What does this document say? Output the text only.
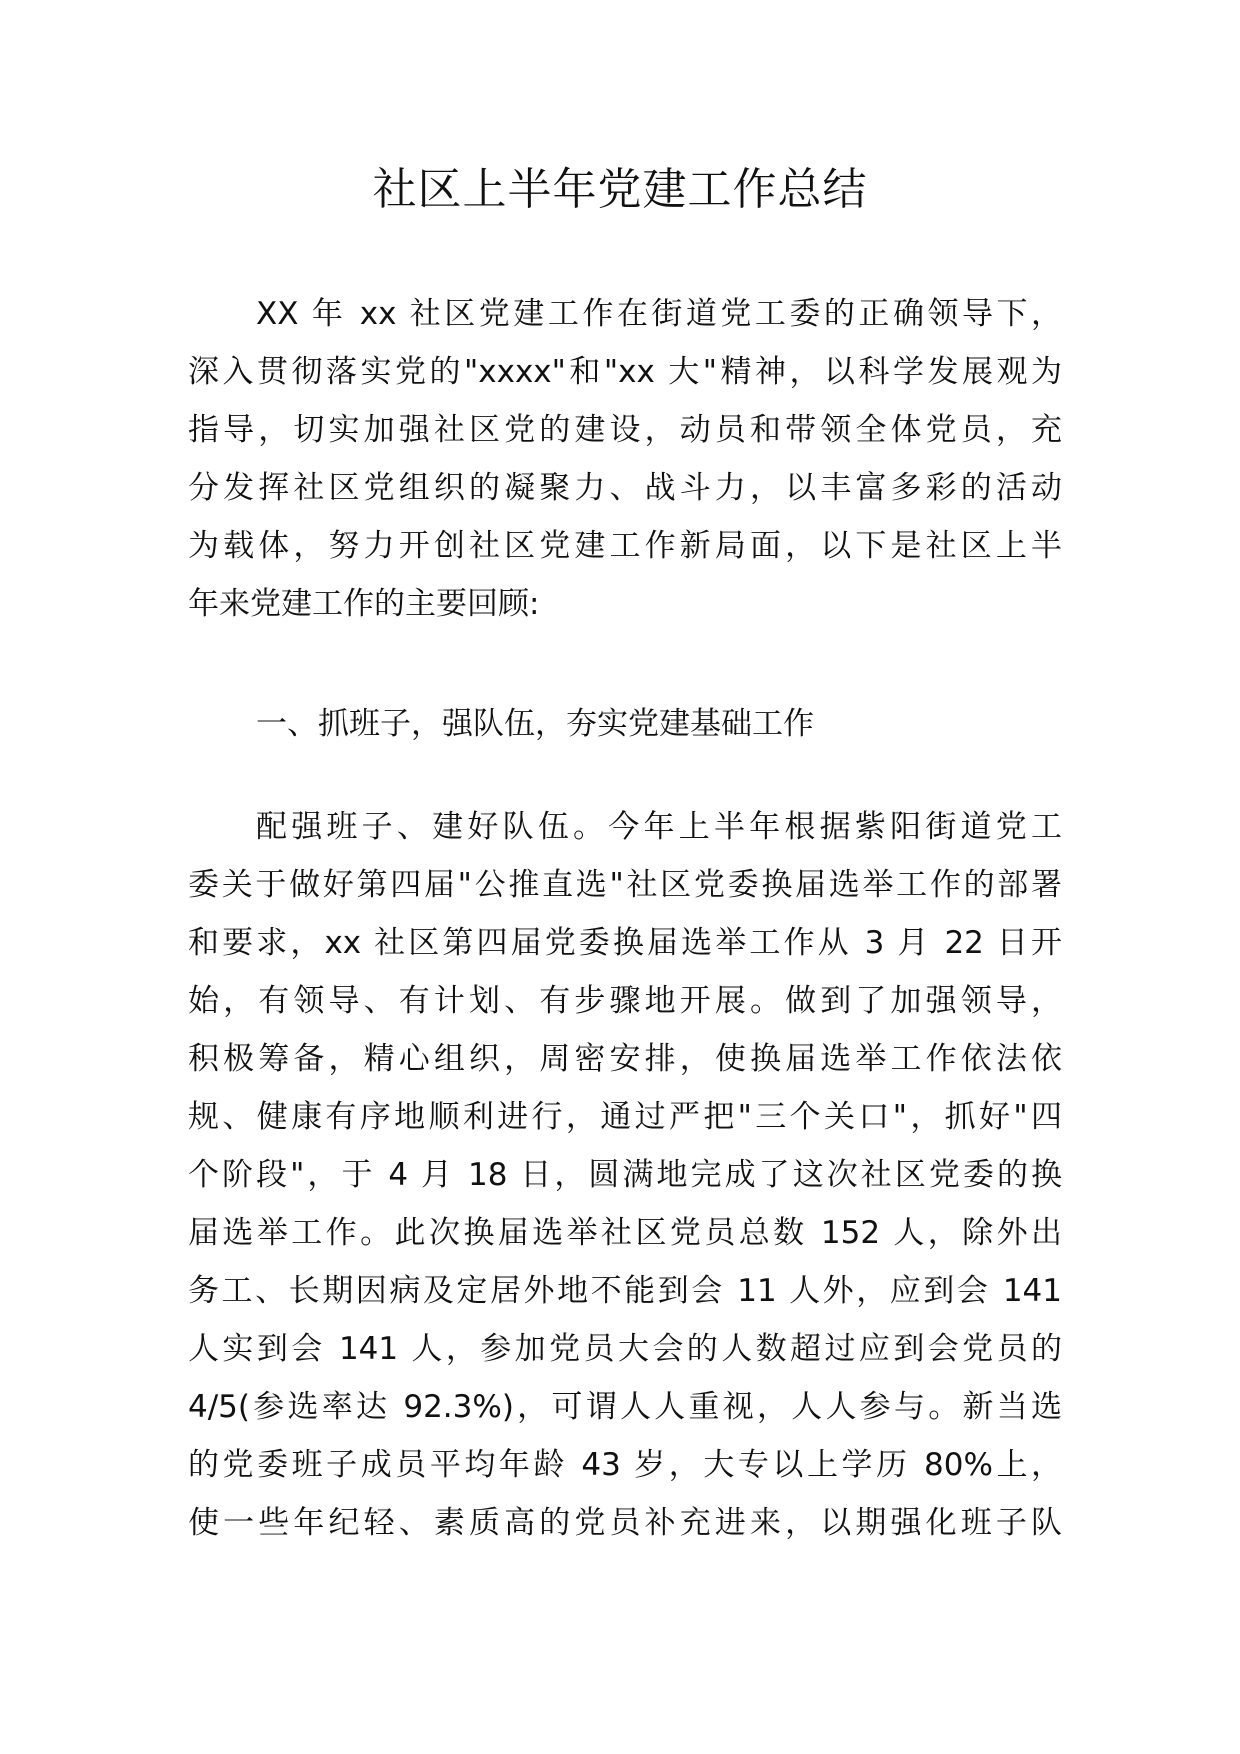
社区上半年党建工作总结
XX 年 xx 社区党建工作在街道党工委的正确领导下，
深入贯彻落实党的"xxxx"和"xx 大"精神，以科学发展观为
指导，切实加强社区党的建设，动员和带领全体党员，充
分发挥社区党组织的凝聚力、战斗力，以丰富多彩的活动
为载体，努力开创社区党建工作新局面，以下是社区上半
年来党建工作的主要回顾:
一、抓班子，强队伍，夯实党建基础工作
配强班子、建好队伍。今年上半年根据紫阳街道党工
委关于做好第四届"公推直选"社区党委换届选举工作的部署
和要求，xx 社区第四届党委换届选举工作从 3 月 22 日开
始，有领导、有计划、有步骤地开展。做到了加强领导，
积极筹备，精心组织，周密安排，使换届选举工作依法依
规、健康有序地顺利进行，通过严把"三个关口"，抓好"四
个阶段"，于 4 月 18 日，圆满地完成了这次社区党委的换
届选举工作。此次换届选举社区党员总数 152 人，除外出
务工、长期因病及定居外地不能到会 11 人外，应到会 141
人实到会 141 人，参加党员大会的人数超过应到会党员的
4/5(参选率达 92.3%)，可谓人人重视，人人参与。新当选
的党委班子成员平均年龄 43 岁，大专以上学历 80%上，
使一些年纪轻、素质高的党员补充进来，以期强化班子队
